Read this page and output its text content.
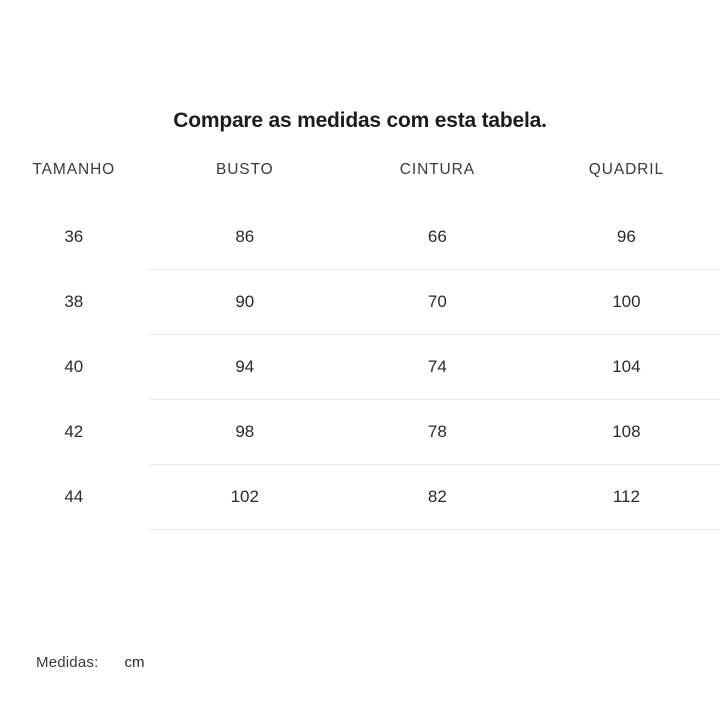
Compare as medidas com esta tabela.
TAMANHO	BUSTO	CINTURA	QUADRIL
36	86	66	96
38	90	70	100
40	94	74	104
42	98	78	108
44	102	82	112
Medidas: cm
